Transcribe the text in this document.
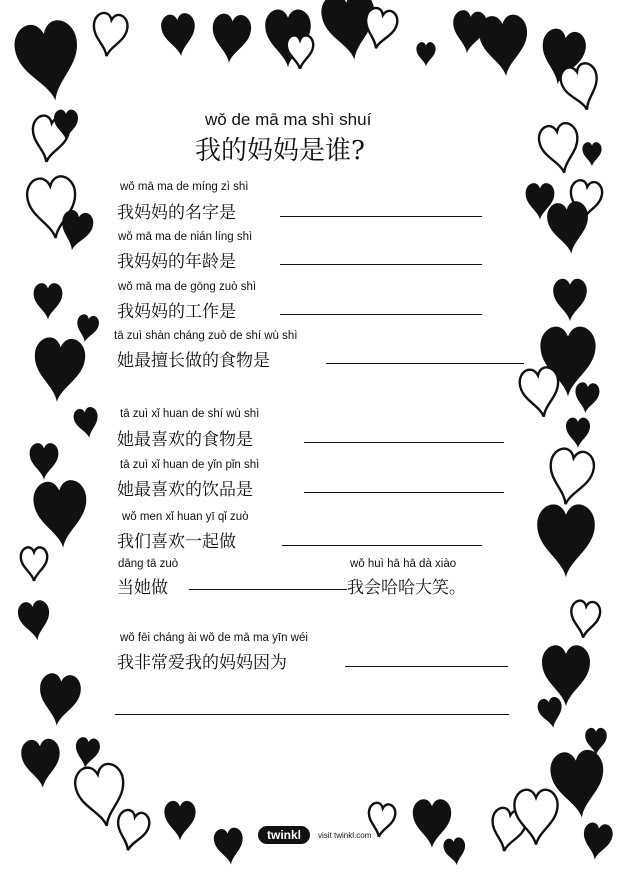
wǒ de mā ma shì shuí
我的妈妈是谁?
wǒ mā ma de míng zì shì
我妈妈的名字是
wǒ mā ma de nián líng shì
我妈妈的年龄是
wǒ mā ma de gōng zuò shì
我妈妈的工作是
tā zuì shàn cháng zuò de shí wù shì
她最擅长做的食物是
tā zuì xǐ huan de shí wù shì
她最喜欢的食物是
tā zuì xǐ huan de yǐn pǐn shì
她最喜欢的饮品是
wǒ men xǐ huan yī qǐ zuò
我们喜欢一起做
dāng tā zuò
当她做
wǒ huì hā hā dà xiào
我会哈哈大笑。
wǒ fēi cháng ài wǒ de mā ma yīn wéi
我非常爱我的妈妈因为
twinkl	visit twinkl.com
